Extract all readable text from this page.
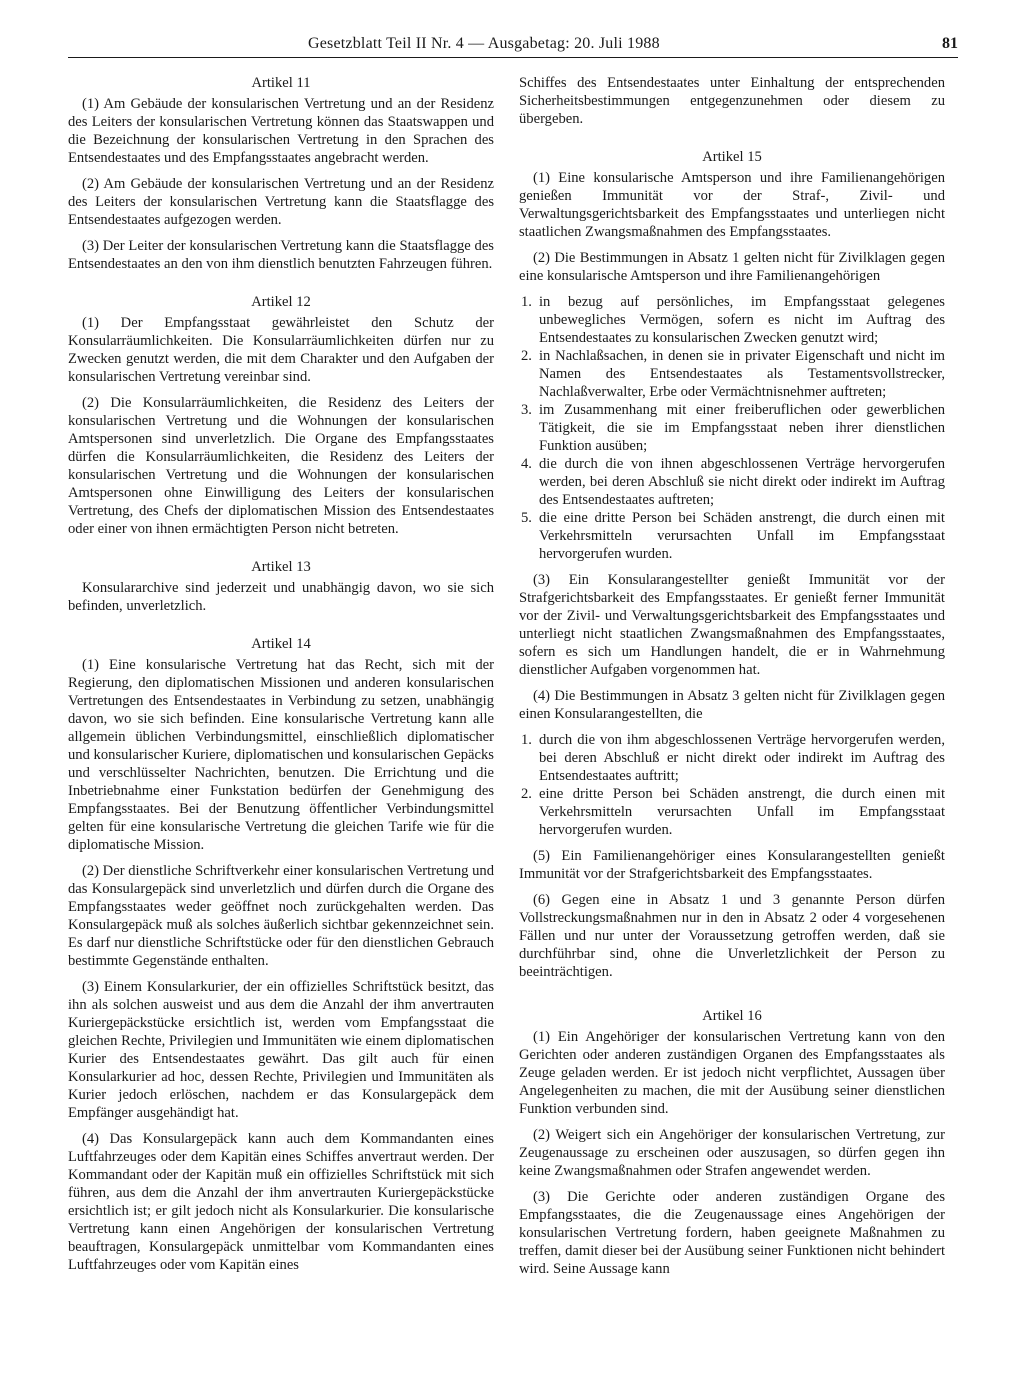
Gesetzblatt Teil II Nr. 4 — Ausgabetag: 20. Juli 1988	81
Artikel 11

(1) Am Gebäude der konsularischen Vertretung und an der Residenz des Leiters der konsularischen Vertretung können das Staatswappen und die Bezeichnung der konsularischen Vertretung in den Sprachen des Entsendestaates und des Empfangsstaates angebracht werden.

(2) Am Gebäude der konsularischen Vertretung und an der Residenz des Leiters der konsularischen Vertretung kann die Staatsflagge des Entsendestaates aufgezogen werden.

(3) Der Leiter der konsularischen Vertretung kann die Staatsflagge des Entsendestaates an den von ihm dienstlich benutzten Fahrzeugen führen.

Artikel 12

(1) Der Empfangsstaat gewährleistet den Schutz der Konsularräumlichkeiten. Die Konsularräumlichkeiten dürfen nur zu Zwecken genutzt werden, die mit dem Charakter und den Aufgaben der konsularischen Vertretung vereinbar sind.

(2) Die Konsularräumlichkeiten, die Residenz des Leiters der konsularischen Vertretung und die Wohnungen der konsularischen Amtspersonen sind unverletzlich. Die Organe des Empfangsstaates dürfen die Konsularräumlichkeiten, die Residenz des Leiters der konsularischen Vertretung und die Wohnungen der konsularischen Amtspersonen ohne Einwilligung des Leiters der konsularischen Vertretung, des Chefs der diplomatischen Mission des Entsendestaates oder einer von ihnen ermächtigten Person nicht betreten.

Artikel 13

Konsulararchive sind jederzeit und unabhängig davon, wo sie sich befinden, unverletzlich.

Artikel 14

(1) Eine konsularische Vertretung hat das Recht, sich mit der Regierung, den diplomatischen Missionen und anderen konsularischen Vertretungen des Entsendestaates in Verbindung zu setzen, unabhängig davon, wo sie sich befinden. Eine konsularische Vertretung kann alle allgemein üblichen Verbindungsmittel, einschließlich diplomatischer und konsularischer Kuriere, diplomatischen und konsularischen Gepäcks und verschlüsselter Nachrichten, benutzen. Die Errichtung und die Inbetriebnahme einer Funkstation bedürfen der Genehmigung des Empfangsstaates. Bei der Benutzung öffentlicher Verbindungsmittel gelten für eine konsularische Vertretung die gleichen Tarife wie für die diplomatische Mission.

(2) Der dienstliche Schriftverkehr einer konsularischen Vertretung und das Konsulargepäck sind unverletzlich und dürfen durch die Organe des Empfangsstaates weder geöffnet noch zurückgehalten werden. Das Konsulargepäck muß als solches äußerlich sichtbar gekennzeichnet sein. Es darf nur dienstliche Schriftstücke oder für den dienstlichen Gebrauch bestimmte Gegenstände enthalten.

(3) Einem Konsularkurier, der ein offizielles Schriftstück besitzt, das ihn als solchen ausweist und aus dem die Anzahl der ihm anvertrauten Kuriergepäckstücke ersichtlich ist, werden vom Empfangsstaat die gleichen Rechte, Privilegien und Immunitäten wie einem diplomatischen Kurier des Entsendestaates gewährt. Das gilt auch für einen Konsularkurier ad hoc, dessen Rechte, Privilegien und Immunitäten als Kurier jedoch erlöschen, nachdem er das Konsulargepäck dem Empfänger ausgehändigt hat.

(4) Das Konsulargepäck kann auch dem Kommandanten eines Luftfahrzeuges oder dem Kapitän eines Schiffes anvertraut werden. Der Kommandant oder der Kapitän muß ein offizielles Schriftstück mit sich führen, aus dem die Anzahl der ihm anvertrauten Kuriergepäckstücke ersichtlich ist; er gilt jedoch nicht als Konsularkurier. Die konsularische Vertretung kann einen Angehörigen der konsularischen Vertretung beauftragen, Konsulargepäck unmittelbar vom Kommandanten eines Luftfahrzeuges oder vom Kapitän eines

Schiffes des Entsendestaates unter Einhaltung der entsprechenden Sicherheitsbestimmungen entgegenzunehmen oder diesem zu übergeben.

Artikel 15

(1) Eine konsularische Amtsperson und ihre Familienangehörigen genießen Immunität vor der Straf-, Zivil- und Verwaltungsgerichtsbarkeit des Empfangsstaates und unterliegen nicht staatlichen Zwangsmaßnahmen des Empfangsstaates.

(2) Die Bestimmungen in Absatz 1 gelten nicht für Zivilklagen gegen eine konsularische Amtsperson und ihre Familienangehörigen

1. in bezug auf persönliches, im Empfangsstaat gelegenes unbewegliches Vermögen, sofern es nicht im Auftrag des Entsendestaates zu konsularischen Zwecken genutzt wird;
2. in Nachlaßsachen, in denen sie in privater Eigenschaft und nicht im Namen des Entsendestaates als Testamentsvollstrecker, Nachlaßverwalter, Erbe oder Vermächtnisnehmer auftreten;
3. im Zusammenhang mit einer freiberuflichen oder gewerblichen Tätigkeit, die sie im Empfangsstaat neben ihrer dienstlichen Funktion ausüben;
4. die durch die von ihnen abgeschlossenen Verträge hervorgerufen werden, bei deren Abschluß sie nicht direkt oder indirekt im Auftrag des Entsendestaates auftreten;
5. die eine dritte Person bei Schäden anstrengt, die durch einen mit Verkehrsmitteln verursachten Unfall im Empfangsstaat hervorgerufen wurden.

(3) Ein Konsularangestellter genießt Immunität vor der Strafgerichtsbarkeit des Empfangsstaates. Er genießt ferner Immunität vor der Zivil- und Verwaltungsgerichtsbarkeit des Empfangsstaates und unterliegt nicht staatlichen Zwangsmaßnahmen des Empfangsstaates, sofern es sich um Handlungen handelt, die er in Wahrnehmung dienstlicher Aufgaben vorgenommen hat.

(4) Die Bestimmungen in Absatz 3 gelten nicht für Zivilklagen gegen einen Konsularangestellten, die

1. durch die von ihm abgeschlossenen Verträge hervorgerufen werden, bei deren Abschluß er nicht direkt oder indirekt im Auftrag des Entsendestaates auftritt;
2. eine dritte Person bei Schäden anstrengt, die durch einen mit Verkehrsmitteln verursachten Unfall im Empfangsstaat hervorgerufen wurden.

(5) Ein Familienangehöriger eines Konsularangestellten genießt Immunität vor der Strafgerichtsbarkeit des Empfangsstaates.

(6) Gegen eine in Absatz 1 und 3 genannte Person dürfen Vollstreckungsmaßnahmen nur in den in Absatz 2 oder 4 vorgesehenen Fällen und nur unter der Voraussetzung getroffen werden, daß sie durchführbar sind, ohne die Unverletzlichkeit der Person zu beeinträchtigen.

Artikel 16

(1) Ein Angehöriger der konsularischen Vertretung kann von den Gerichten oder anderen zuständigen Organen des Empfangsstaates als Zeuge geladen werden. Er ist jedoch nicht verpflichtet, Aussagen über Angelegenheiten zu machen, die mit der Ausübung seiner dienstlichen Funktion verbunden sind.

(2) Weigert sich ein Angehöriger der konsularischen Vertretung, zur Zeugenaussage zu erscheinen oder auszusagen, so dürfen gegen ihn keine Zwangsmaßnahmen oder Strafen angewendet werden.

(3) Die Gerichte oder anderen zuständigen Organe des Empfangsstaates, die die Zeugenaussage eines Angehörigen der konsularischen Vertretung fordern, haben geeignete Maßnahmen zu treffen, damit dieser bei der Ausübung seiner Funktionen nicht behindert wird. Seine Aussage kann
